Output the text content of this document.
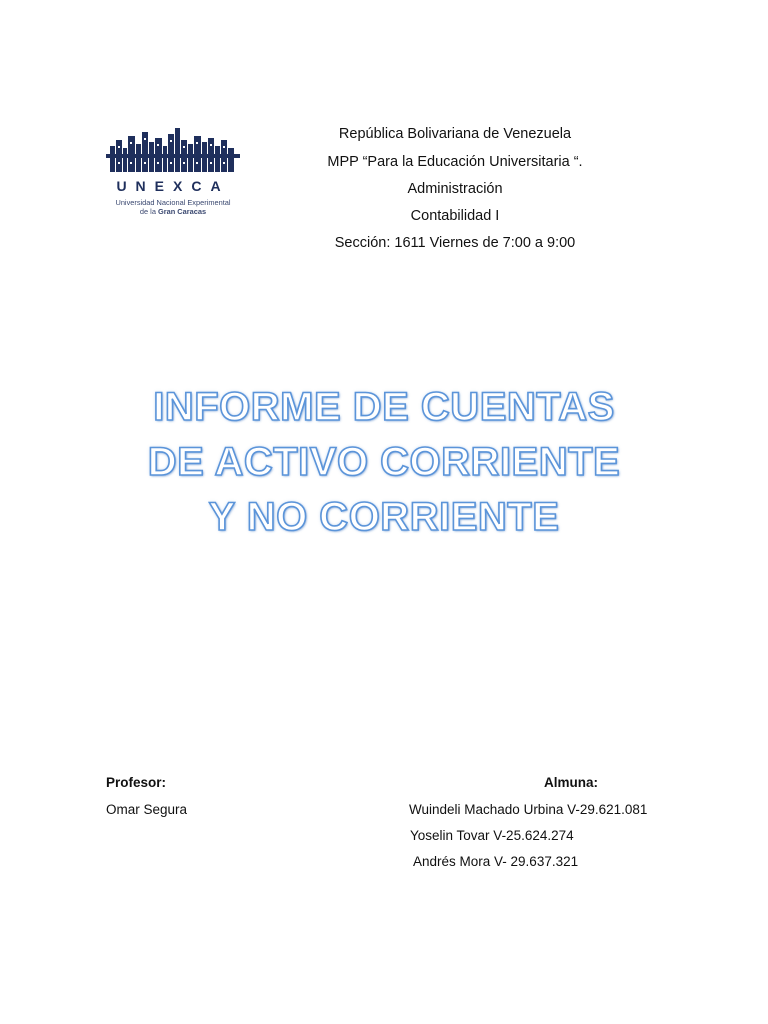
UNEXCA
Universidad Nacional Experimental
de la Gran Caracas
República Bolivariana de Venezuela
MPP “Para la Educación Universitaria “.
Administración
Contabilidad I
Sección: 1611 Viernes de 7:00 a 9:00
INFORME DE CUENTAS
DE ACTIVO CORRIENTE
Y NO CORRIENTE
Profesor:
Omar Segura
Almuna:
Wuindeli Machado Urbina V-29.621.081
Yoselin Tovar V-25.624.274
Andrés Mora V- 29.637.321
